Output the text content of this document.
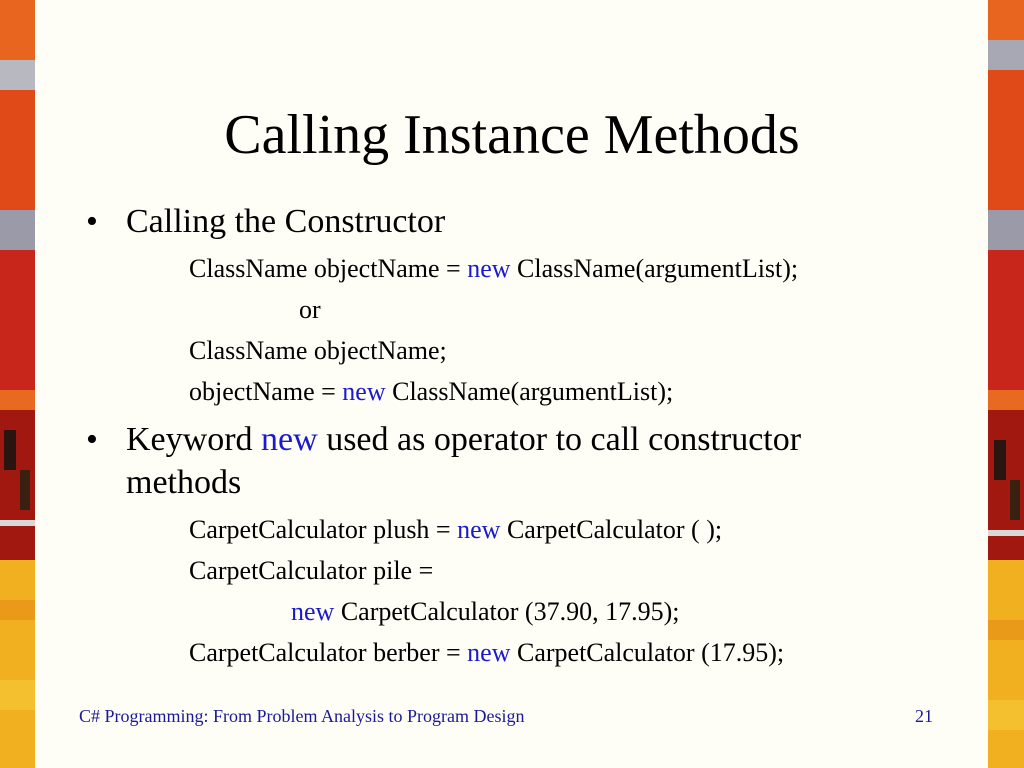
Calling Instance Methods
• Calling the Constructor
ClassName objectName = new ClassName(argumentList);
or
ClassName objectName;
objectName = new ClassName(argumentList);
• Keyword new used as operator to call constructor
methods
CarpetCalculator plush = new CarpetCalculator ( );
CarpetCalculator pile =
new CarpetCalculator (37.90, 17.95);
CarpetCalculator berber = new CarpetCalculator (17.95);
C# Programming: From Problem Analysis to Program Design	21
